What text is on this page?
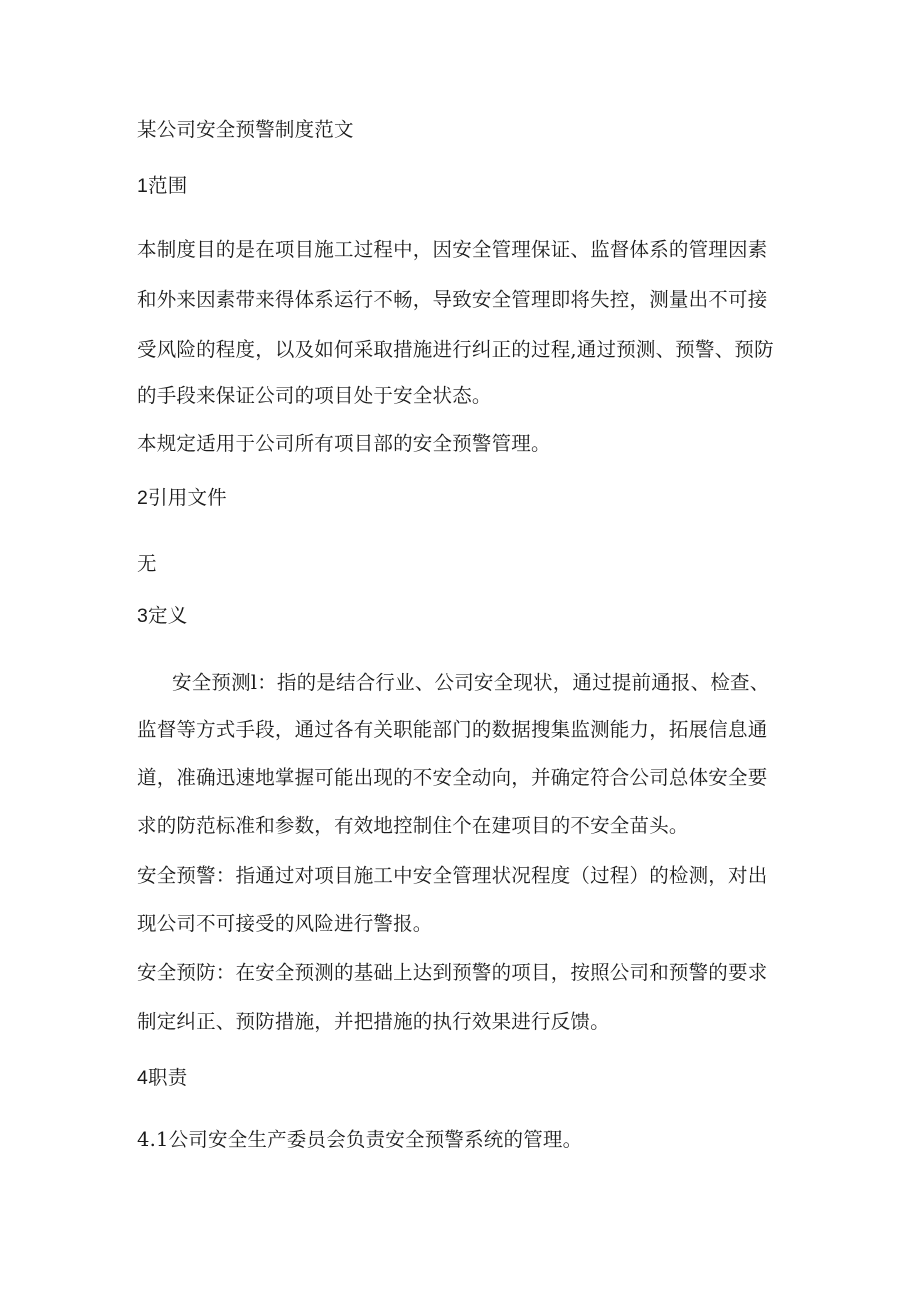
某公司安全预警制度范文
1范围
本制度目的是在项目施工过程中，因安全管理保证、监督体系的管理因素
和外来因素带来得体系运行不畅，导致安全管理即将失控，测量出不可接
受风险的程度，以及如何采取措施进行纠正的过程,通过预测、预警、预防
的手段来保证公司的项目处于安全状态。
本规定适用于公司所有项目部的安全预警管理。
2引用文件
无
3定义
安全预测l：指的是结合行业、公司安全现状，通过提前通报、检查、
监督等方式手段，通过各有关职能部门的数据搜集监测能力，拓展信息通
道，准确迅速地掌握可能出现的不安全动向，并确定符合公司总体安全要
求的防范标准和参数，有效地控制住个在建项目的不安全苗头。
安全预警：指通过对项目施工中安全管理状况程度（过程）的检测，对出
现公司不可接受的风险进行警报。
安全预防：在安全预测的基础上达到预警的项目，按照公司和预警的要求
制定纠正、预防措施，并把措施的执行效果进行反馈。
4职责
4.1公司安全生产委员会负责安全预警系统的管理。
